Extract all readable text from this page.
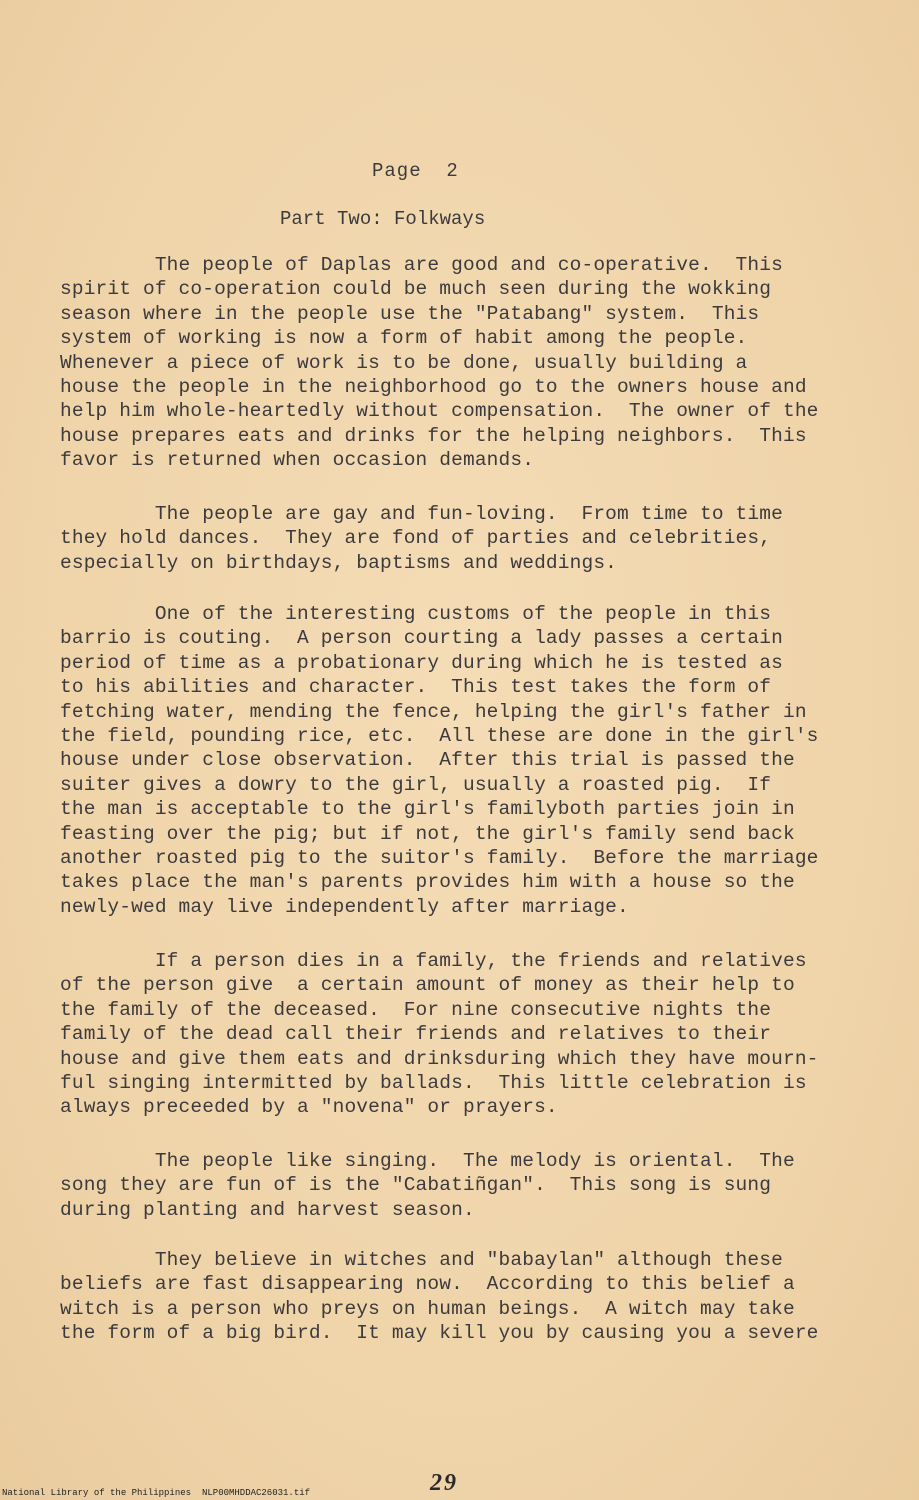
Page  2
Part Two: Folkways
The people of Daplas are good and co-operative.  This
spirit of co-operation could be much seen during the wokking
season where in the people use the "Patabang" system.  This
system of working is now a form of habit among the people.
Whenever a piece of work is to be done, usually building a
house the people in the neighborhood go to the owners house and
help him whole-heartedly without compensation.  The owner of the
house prepares eats and drinks for the helping neighbors.  This
favor is returned when occasion demands.
The people are gay and fun-loving.  From time to time
they hold dances.  They are fond of parties and celebrities,
especially on birthdays, baptisms and weddings.
One of the interesting customs of the people in this
barrio is couting.  A person courting a lady passes a certain
period of time as a probationary during which he is tested as
to his abilities and character.  This test takes the form of
fetching water, mending the fence, helping the girl's father in
the field, pounding rice, etc.  All these are done in the girl's
house under close observation.  After this trial is passed the
suiter gives a dowry to the girl, usually a roasted pig.  If
the man is acceptable to the girl's familyboth parties join in
feasting over the pig; but if not, the girl's family send back
another roasted pig to the suitor's family.  Before the marriage
takes place the man's parents provides him with a house so the
newly-wed may live independently after marriage.
If a person dies in a family, the friends and relatives
of the person give  a certain amount of money as their help to
the family of the deceased.  For nine consecutive nights the
family of the dead call their friends and relatives to their
house and give them eats and drinksduring which they have mourn-
ful singing intermitted by ballads.  This little celebration is
always preceeded by a "novena" or prayers.
The people like singing.  The melody is oriental.  The
song they are fun of is the "Cabatiñgan".  This song is sung
during planting and harvest season.
They believe in witches and "babaylan" although these
beliefs are fast disappearing now.  According to this belief a
witch is a person who preys on human beings.  A witch may take
the form of a big bird.  It may kill you by causing you a severe
29
National Library of the Philippines NLP00MHDDAC26031.tif
